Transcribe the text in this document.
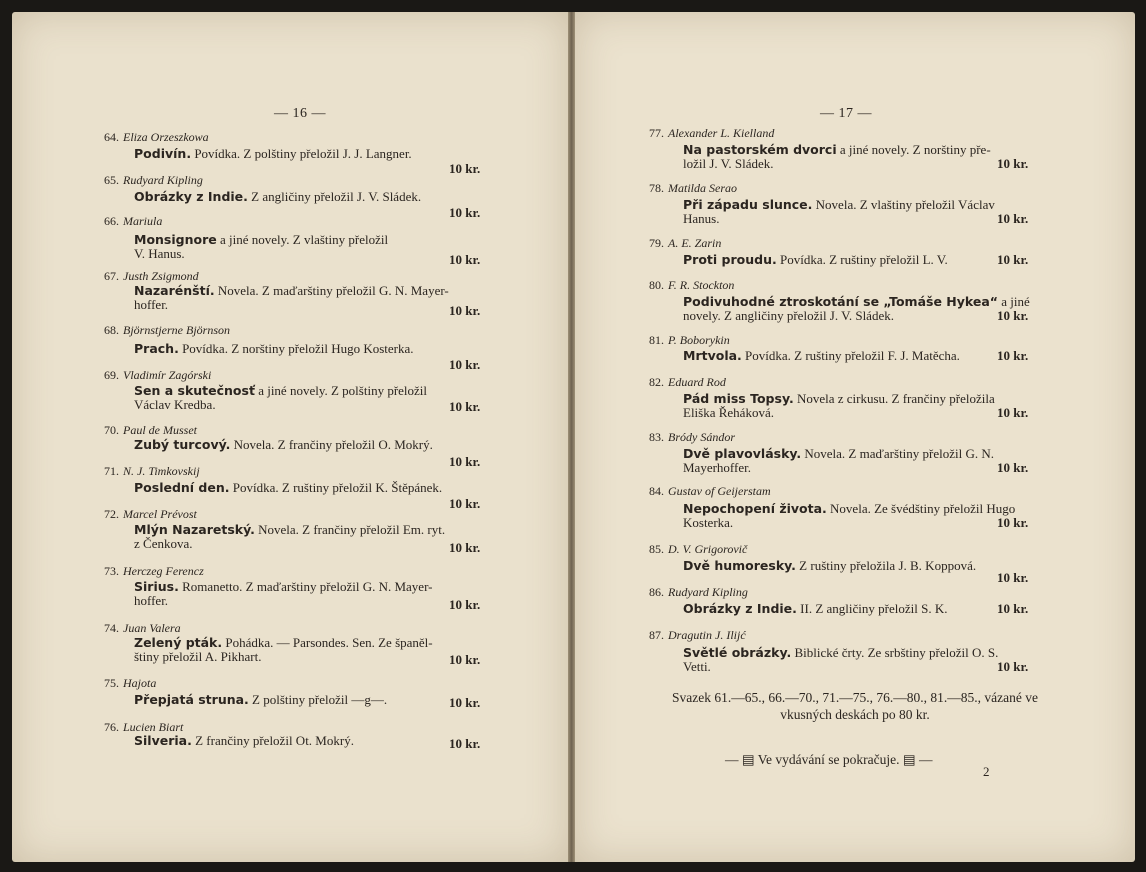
— 16 —
64. Eliza Orzeszkowa
Podivín. Povídka. Z polštiny přeložil J. J. Langner.
10 kr.
65. Rudyard Kipling
Obrázky z Indie. Z angličiny přeložil J. V. Sládek.
10 kr.
66. Mariula
Monsignore a jiné novely. Z vlaštiny přeložil
V. Hanus.	10 kr.
67. Justh Zsigmond
Nazarénští. Novela. Z maďarštiny přeložil G. N. Mayer-
hoffer.	10 kr.
68. Björnstjerne Björnson
Prach. Povídka. Z norštiny přeložil Hugo Kosterka.
10 kr.
69. Vladimír Zagórski
Sen a skutečnosť a jiné novely. Z polštiny přeložil
Václav Kredba.	10 kr.
70. Paul de Musset
Zubý turcový. Novela. Z frančiny přeložil O. Mokrý.
10 kr.
71. N. J. Timkovskij
Poslední den. Povídka. Z ruštiny přeložil K. Štěpánek.
10 kr.
72. Marcel Prévost
Mlýn Nazaretský. Novela. Z frančiny přeložil Em. ryt.
z Čenkova.	10 kr.
73. Herczeg Ferencz
Sirius. Romanetto. Z maďarštiny přeložil G. N. Mayer-
hoffer.	10 kr.
74. Juan Valera
Zelený pták. Pohádka. — Parsondes. Sen. Ze španěl-
štiny přeložil A. Pikhart.	10 kr.
75. Hajota
Přepjatá struna. Z polštiny přeložil —g—.	10 kr.
76. Lucien Biart
Silveria. Z frančiny přeložil Ot. Mokrý.	10 kr.
— 17 —
77. Alexander L. Kielland
Na pastorském dvorci a jiné novely. Z norštiny pře-
ložil J. V. Sládek.	10 kr.
78. Matilda Serao
Při západu slunce. Novela. Z vlaštiny přeložil Václav
Hanus.	10 kr.
79. A. E. Zarin
Proti proudu. Povídka. Z ruštiny přeložil L. V.	10 kr.
80. F. R. Stockton
Podivuhodné ztroskotání se „Tomáše Hykea“ a jiné
novely. Z angličiny přeložil J. V. Sládek.	10 kr.
81. P. Boborykin
Mrtvola. Povídka. Z ruštiny přeložil F. J. Matěcha.	10 kr.
82. Eduard Rod
Pád miss Topsy. Novela z cirkusu. Z frančiny přeložila
Eliška Řeháková.	10 kr.
83. Bródy Sándor
Dvě plavovlásky. Novela. Z maďarštiny přeložil G. N.
Mayerhoffer.	10 kr.
84. Gustav of Geijerstam
Nepochopení života. Novela. Ze švédštiny přeložil Hugo
Kosterka.	10 kr.
85. D. V. Grigorovič
Dvě humoresky. Z ruštiny přeložila J. B. Koppová.
10 kr.
86. Rudyard Kipling
Obrázky z Indie. II. Z angličiny přeložil S. K.	10 kr.
87. Dragutin J. Ilijć
Světlé obrázky. Biblické črty. Ze srbštiny přeložil O. S.
Vetti.	10 kr.
Svazek 61.—65., 66.—70., 71.—75., 76.—80., 81.—85., vázané ve
vkusných deskách po 80 kr.
— ▤ Ve vydávání se pokračuje. ▤ —
2
